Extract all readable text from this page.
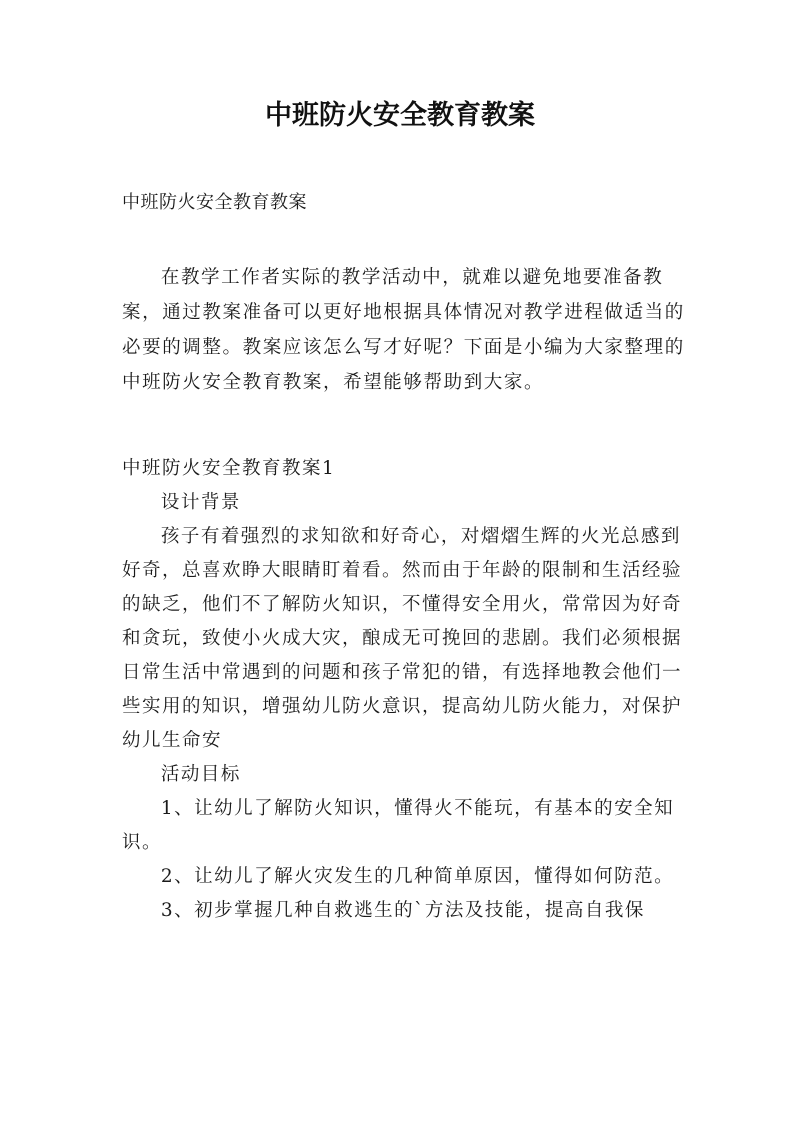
中班防火安全教育教案

中班防火安全教育教案

在教学工作者实际的教学活动中，就难以避免地要准备教案，通过教案准备可以更好地根据具体情况对教学进程做适当的必要的调整。教案应该怎么写才好呢？下面是小编为大家整理的中班防火安全教育教案，希望能够帮助到大家。

中班防火安全教育教案1

设计背景

孩子有着强烈的求知欲和好奇心，对熠熠生辉的火光总感到好奇，总喜欢睁大眼睛盯着看。然而由于年龄的限制和生活经验的缺乏，他们不了解防火知识，不懂得安全用火，常常因为好奇和贪玩，致使小火成大灾，酿成无可挽回的悲剧。我们必须根据日常生活中常遇到的问题和孩子常犯的错，有选择地教会他们一些实用的知识，增强幼儿防火意识，提高幼儿防火能力，对保护幼儿生命安

活动目标

1、让幼儿了解防火知识，懂得火不能玩，有基本的安全知识。

2、让幼儿了解火灾发生的几种简单原因，懂得如何防范。

3、初步掌握几种自救逃生的`方法及技能，提高自我保
